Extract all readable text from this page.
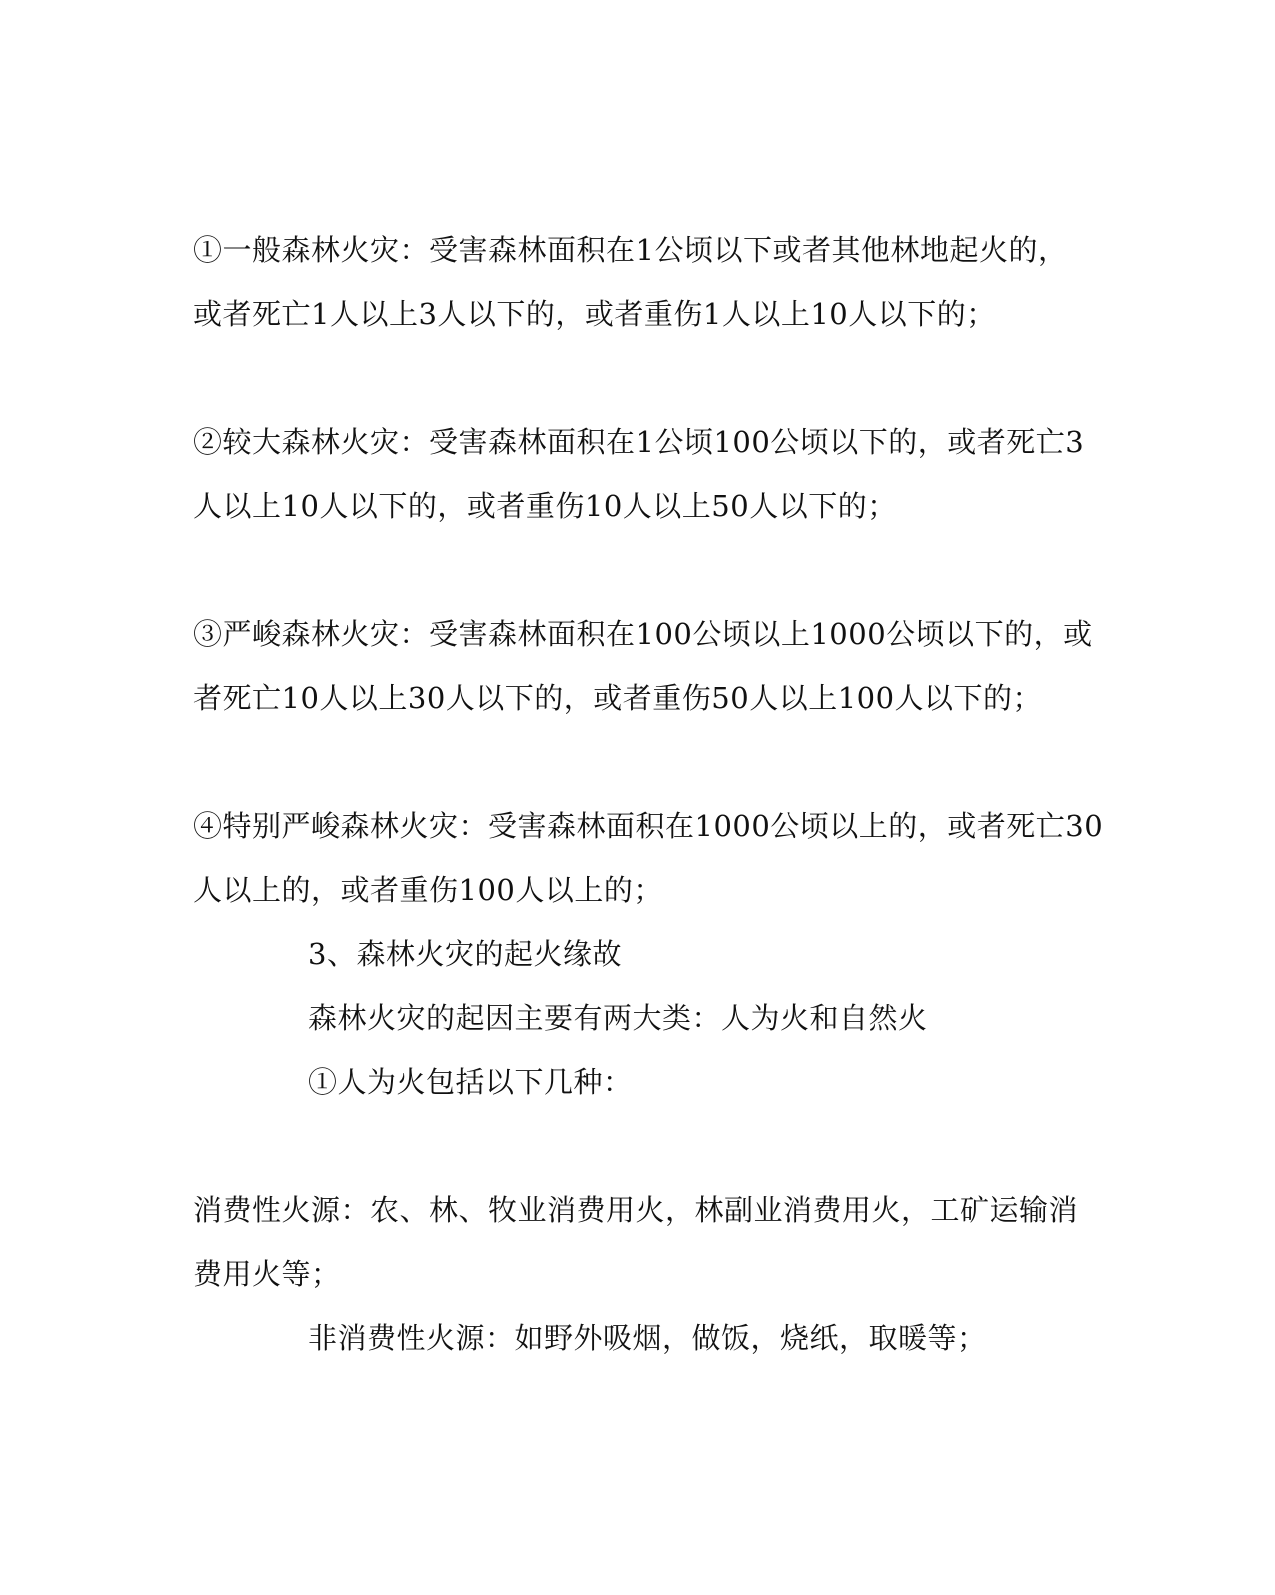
①一般森林火灾：受害森林面积在1公顷以下或者其他林地起火的，
或者死亡1人以上3人以下的，或者重伤1人以上10人以下的；
②较大森林火灾：受害森林面积在1公顷100公顷以下的，或者死亡3
人以上10人以下的，或者重伤10人以上50人以下的；
③严峻森林火灾：受害森林面积在100公顷以上1000公顷以下的，或
者死亡10人以上30人以下的，或者重伤50人以上100人以下的；
④特别严峻森林火灾：受害森林面积在1000公顷以上的，或者死亡30
人以上的，或者重伤100人以上的；
3、森林火灾的起火缘故
森林火灾的起因主要有两大类：人为火和自然火
①人为火包括以下几种：
消费性火源：农、林、牧业消费用火，林副业消费用火，工矿运输消
费用火等；
非消费性火源：如野外吸烟，做饭，烧纸，取暖等；
